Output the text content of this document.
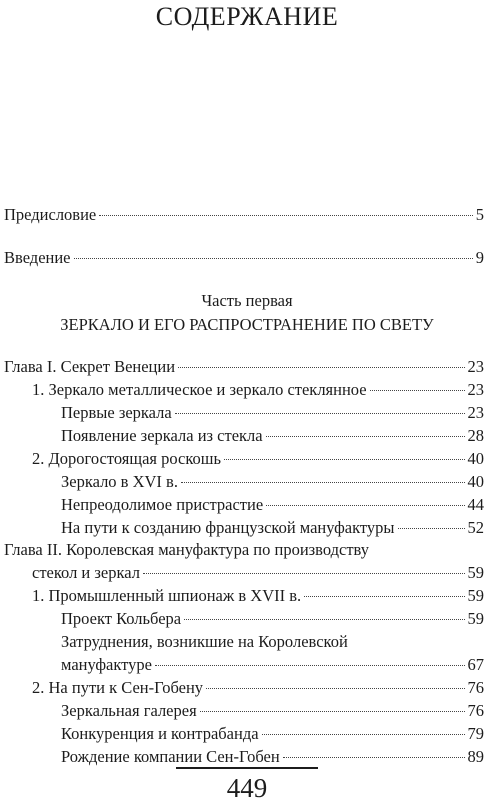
СОДЕРЖАНИЕ
Предисловие	5
Введение	9
Часть первая
ЗЕРКАЛО И ЕГО РАСПРОСТРАНЕНИЕ ПО СВЕТУ
Глава I. Секрет Венеции	23
1. Зеркало металлическое и зеркало стеклянное	23
Первые зеркала	23
Появление зеркала из стекла	28
2. Дорогостоящая роскошь	40
Зеркало в XVI в.	40
Непреодолимое пристрастие	44
На пути к созданию французской мануфактуры	52
Глава II. Королевская мануфактура по производству
стекол и зеркал	59
1. Промышленный шпионаж в XVII в.	59
Проект Кольбера	59
Затруднения, возникшие на Королевской
мануфактуре	67
2. На пути к Сен-Гобену	76
Зеркальная галерея	76
Конкуренция и контрабанда	79
Рождение компании Сен-Гобен	89
449
